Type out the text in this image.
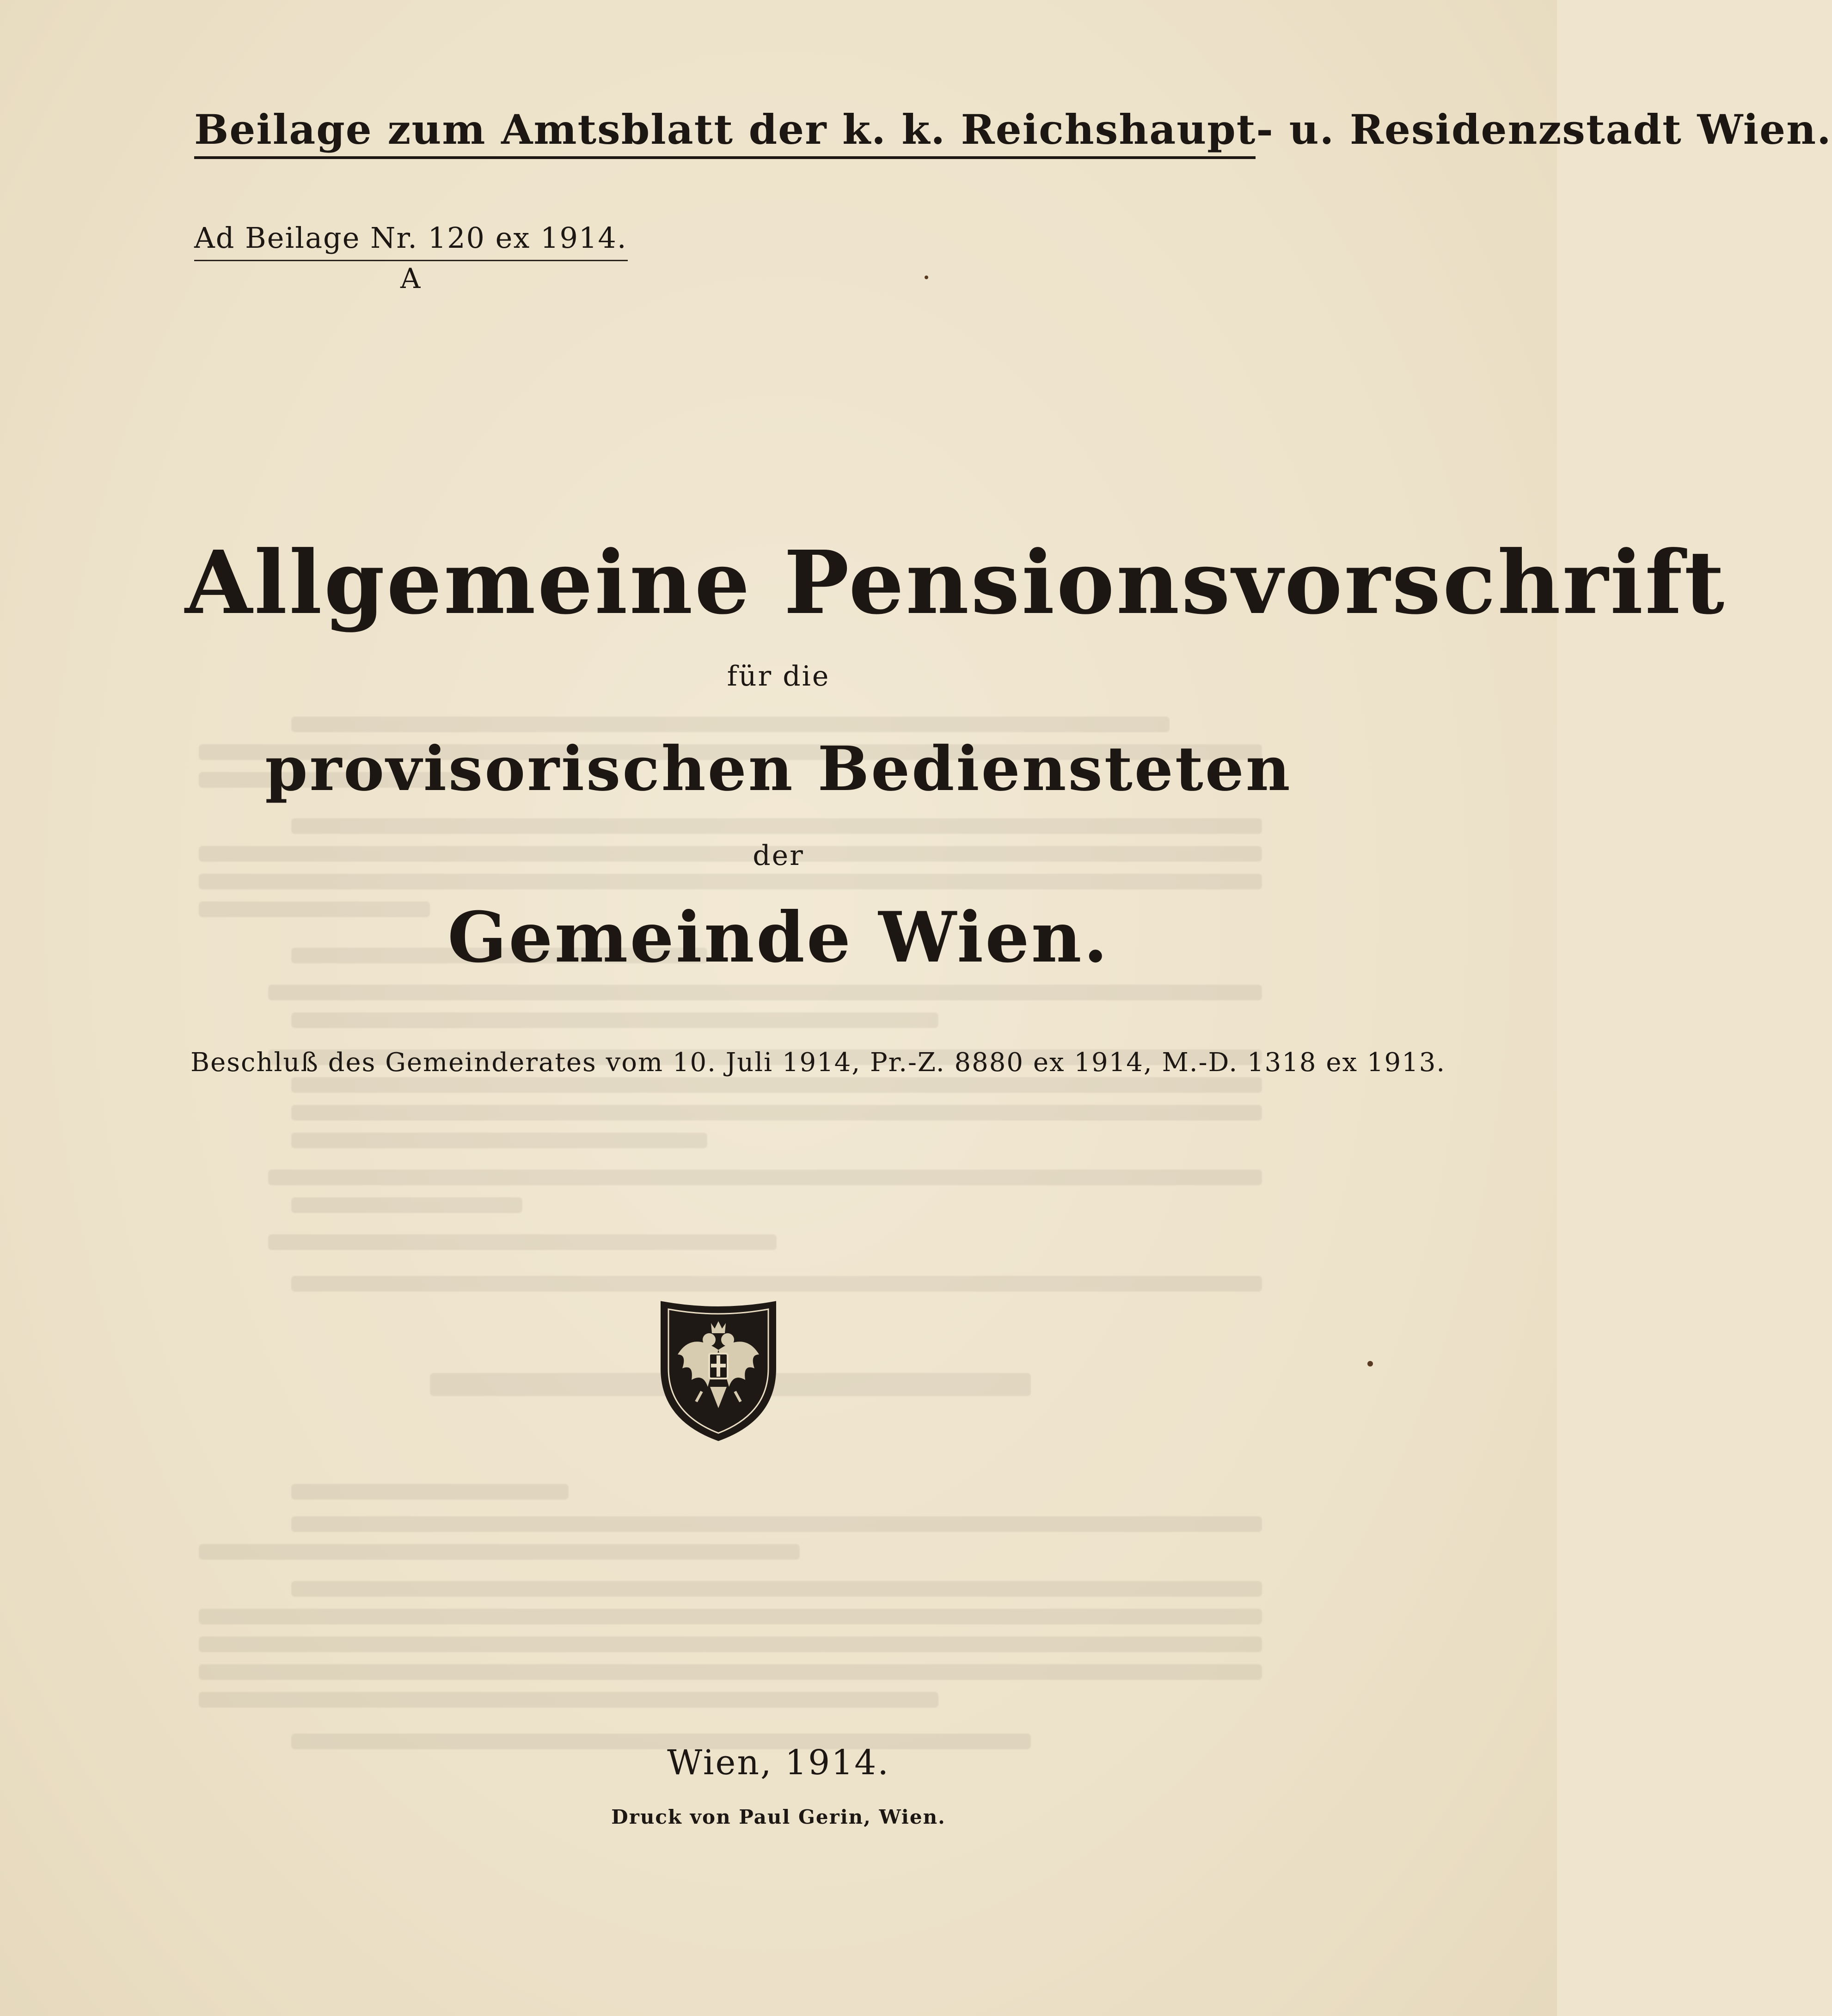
Beilage zum Amtsblatt der k. k. Reichshaupt- u. Residenzstadt Wien.
Ad Beilage Nr. 120 ex 1914.
A
Allgemeine Pensionsvorschrift
für die
provisorischen Bediensteten
der
Gemeinde Wien.
Beschluß des Gemeinderates vom 10. Juli 1914, Pr.-Z. 8880 ex 1914, M.-D. 1318 ex 1913.
Wien, 1914.
Druck von Paul Gerin, Wien.
